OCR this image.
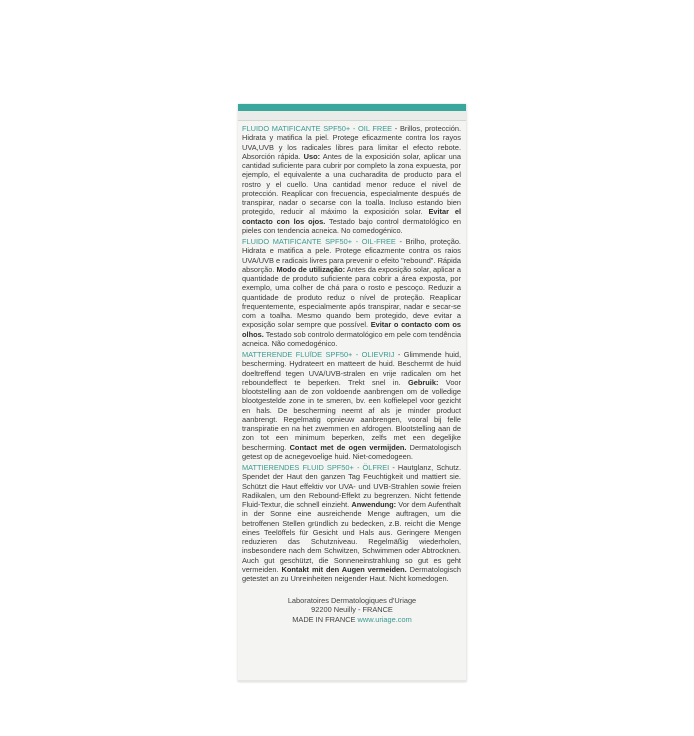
FLUIDO MATIFICANTE SPF50+ - OIL FREE - Brillos, protección. Hidrata y matifica la piel. Protege eficazmente contra los rayos UVA,UVB y los radicales libres para limitar el efecto rebote. Absorción rápida. Uso: Antes de la exposición solar, aplicar una cantidad suficiente para cubrir por completo la zona expuesta, por ejemplo, el equivalente a una cucharadita de producto para el rostro y el cuello. Una cantidad menor reduce el nivel de protección. Reaplicar con frecuencia, especialmente después de transpirar, nadar o secarse con la toalla. Incluso estando bien protegido, reducir al máximo la exposición solar. Evitar el contacto con los ojos. Testado bajo control dermatológico en pieles con tendencia acneica. No comedogénico.

FLUIDO MATIFICANTE SPF50+ - OIL-FREE - Brilho, proteção. Hidrata e matifica a pele. Protege eficazmente contra os raios UVA/UVB e radicais livres para prevenir o efeito "rebound". Rápida absorção. Modo de utilização: Antes da exposição solar, aplicar a quantidade de produto suficiente para cobrir a área exposta, por exemplo, uma colher de chá para o rosto e pescoço. Reduzir a quantidade de produto reduz o nível de proteção. Reaplicar frequentemente, especialmente após transpirar, nadar e secar-se com a toalha. Mesmo quando bem protegido, deve evitar a exposição solar sempre que possível. Evitar o contacto com os olhos. Testado sob controlo dermatológico em pele com tendência acneica. Não comedogénico.

MATTERENDE FLUÏDE SPF50+ - OLIEVRIJ - Glimmende huid, bescherming. Hydrateert en matteert de huid. Beschermt de huid doeltreffend tegen UVA/UVB-stralen en vrije radicalen om het reboundeffect te beperken. Trekt snel in. Gebruik: Voor blootstelling aan de zon voldoende aanbrengen om de volledige blootgestelde zone in te smeren, bv. een koffielepel voor gezicht en hals. De bescherming neemt af als je minder product aanbrengt. Regelmatig opnieuw aanbrengen, vooral bij felle transpiratie en na het zwemmen en afdrogen. Blootstelling aan de zon tot een minimum beperken, zelfs met een degelijke bescherming. Contact met de ogen vermijden. Dermatologisch getest op de acnegevoelige huid. Niet-comedogeen.

MATTIERENDES FLUID SPF50+ - ÖLFREI - Hautglanz, Schutz. Spendet der Haut den ganzen Tag Feuchtigkeit und mattiert sie. Schützt die Haut effektiv vor UVA- und UVB-Strahlen sowie freien Radikalen, um den Rebound-Effekt zu begrenzen. Nicht fettende Fluid-Textur, die schnell einzieht. Anwendung: Vor dem Aufenthalt in der Sonne eine ausreichende Menge auftragen, um die betroffenen Stellen gründlich zu bedecken, z.B. reicht die Menge eines Teelöffels für Gesicht und Hals aus. Geringere Mengen reduzieren das Schutzniveau. Regelmäßig wiederholen, insbesondere nach dem Schwitzen, Schwimmen oder Abtrocknen. Auch gut geschützt, die Sonneneinstrahlung so gut es geht vermeiden. Kontakt mit den Augen vermeiden. Dermatologisch getestet an zu Unreinheiten neigender Haut. Nicht komedogen.

Laboratoires Dermatologiques d'Uriage
92200 Neuilly - FRANCE
MADE IN FRANCE www.uriage.com
